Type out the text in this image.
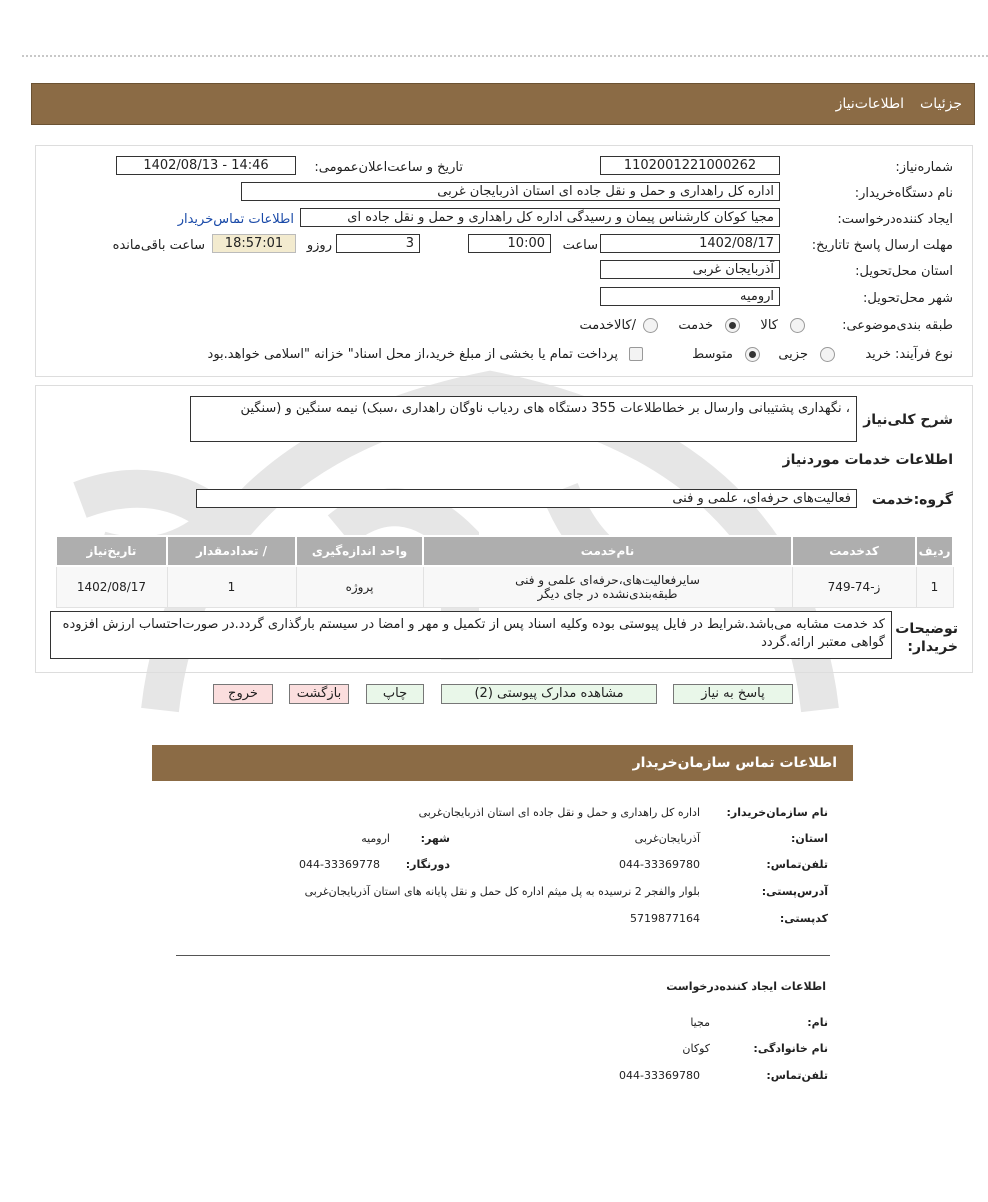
جزئیات
اطلاعات‌نیاز
شماره‌نیاز:
1102001221000262
تاریخ و ساعت‌اعلان‌عمومی:
1402/08/13 - 14:46
نام دستگاه‌خریدار:
اداره کل راهداری و حمل و نقل جاده ای استان اذربایجان غربی
ایجاد کننده‌درخواست:
مجیا کوکان کارشناس پیمان و رسیدگی اداره کل راهداری و حمل و نقل جاده ای
اطلاعات تماس‌خریدار
مهلت ارسال پاسخ تا‌تاریخ:
1402/08/17
ساعت
10:00
3
روزو
18:57:01
ساعت باقی‌مانده
استان محل‌تحویل:
آذربایجان غربی
شهر محل‌تحویل:
ارومیه
طبقه بندی‌موضوعی:
کالا
خدمت
/کالاخدمت
نوع فرآیند:
خرید
جزیی
متوسط
پرداخت تمام یا بخشی از مبلغ خرید،از محل اسناد" خزانه "اسلامی خواهد.بود
شرح کلی‌نیاز
، نگهداری پشتیبانی وارسال بر خطاطلاعات 355 دستگاه های ردیاب ناوگان راهداری ،سبک) نیمه سنگین و (سنگین
اطلاعات خدمات موردنیاز
گروه:خدمت
فعالیت‌های حرفه‌ای، علمی و فنی
ردیف	کدخدمت	نام‌خدمت	واحد اندازه‌گیری	/ تعدادمقدار	تاریخ‌نیاز
1	ز-74-749	سایر‌فعالیت‌های،حرفه‌ای علمی و فنی
طبقه‌بندی‌نشده در جای دیگر	پروژه	1	1402/08/17
توضیحات خریدار:
کد خدمت مشابه می‌باشد.شرایط در فایل پیوستی بوده وکلیه اسناد پس از تکمیل و مهر و امضا در سیستم بارگذاری گردد.در صورت‌احتساب ارزش افزوده گواهی معتبر ارائه.گردد
پاسخ به نیاز
مشاهده مدارک پیوستی (2)
چاپ
بازگشت
خروج
اطلاعات تماس سازمان‌خریدار
نام سازمان‌خریدار:
اداره کل راهداری و حمل و نقل جاده ای استان اذربایجان‌غربی
استان:
آذربایجان‌غربی
شهر:
ارومیه
تلفن‌تماس:
044-33369780
دورنگار:
044-33369778
آدرس‌پستی:
بلوار والفجر 2 نرسیده به پل میثم اداره کل حمل و نقل پایانه های استان آذربایجان‌غربی
کد‌پستی:
5719877164
اطلاعات ایجاد کننده‌درخواست
نام:
مجیا
نام خانوادگی:
کوکان
تلفن‌تماس:
044-33369780
